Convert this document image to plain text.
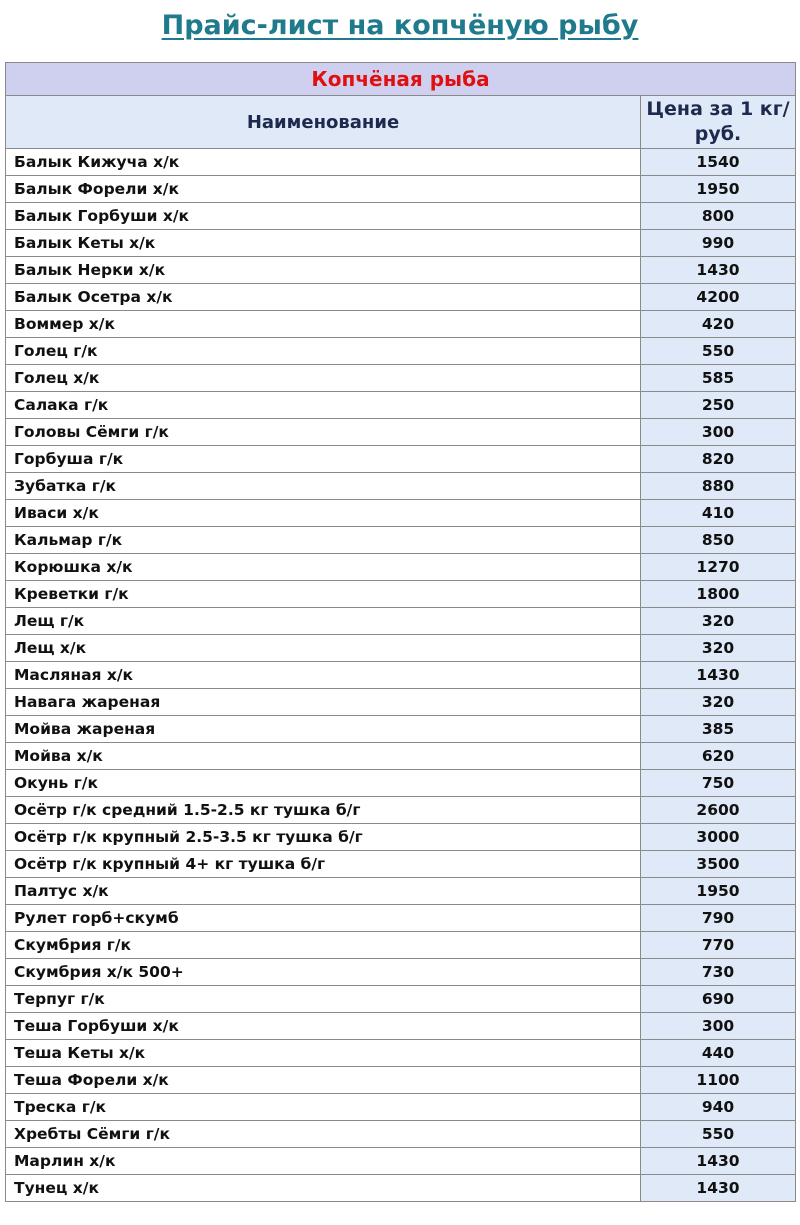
Прайс-лист на копчёную рыбу
Копчёная рыба	
Наименование	Цена за 1 кг/ руб.
Балык Кижуча х/к	1540
Балык Форели х/к	1950
Балык Горбуши х/к	800
Балык Кеты х/к	990
Балык Нерки х/к	1430
Балык Осетра х/к	4200
Воммер х/к	420
Голец г/к	550
Голец х/к	585
Салака г/к	250
Головы Сёмги г/к	300
Горбуша г/к	820
Зубатка г/к	880
Иваси х/к	410
Кальмар г/к	850
Корюшка х/к	1270
Креветки г/к	1800
Лещ г/к	320
Лещ х/к	320
Масляная х/к	1430
Навага жареная	320
Мойва жареная	385
Мойва х/к	620
Окунь г/к	750
Осётр г/к средний 1.5-2.5 кг тушка б/г	2600
Осётр г/к крупный 2.5-3.5 кг тушка б/г	3000
Осётр г/к крупный 4+ кг тушка б/г	3500
Палтус х/к	1950
Рулет горб+скумб	790
Скумбрия г/к	770
Скумбрия х/к 500+	730
Терпуг г/к	690
Теша Горбуши х/к	300
Теша Кеты х/к	440
Теша Форели х/к	1100
Треска г/к	940
Хребты Сёмги г/к	550
Марлин х/к	1430
Тунец х/к	1430
